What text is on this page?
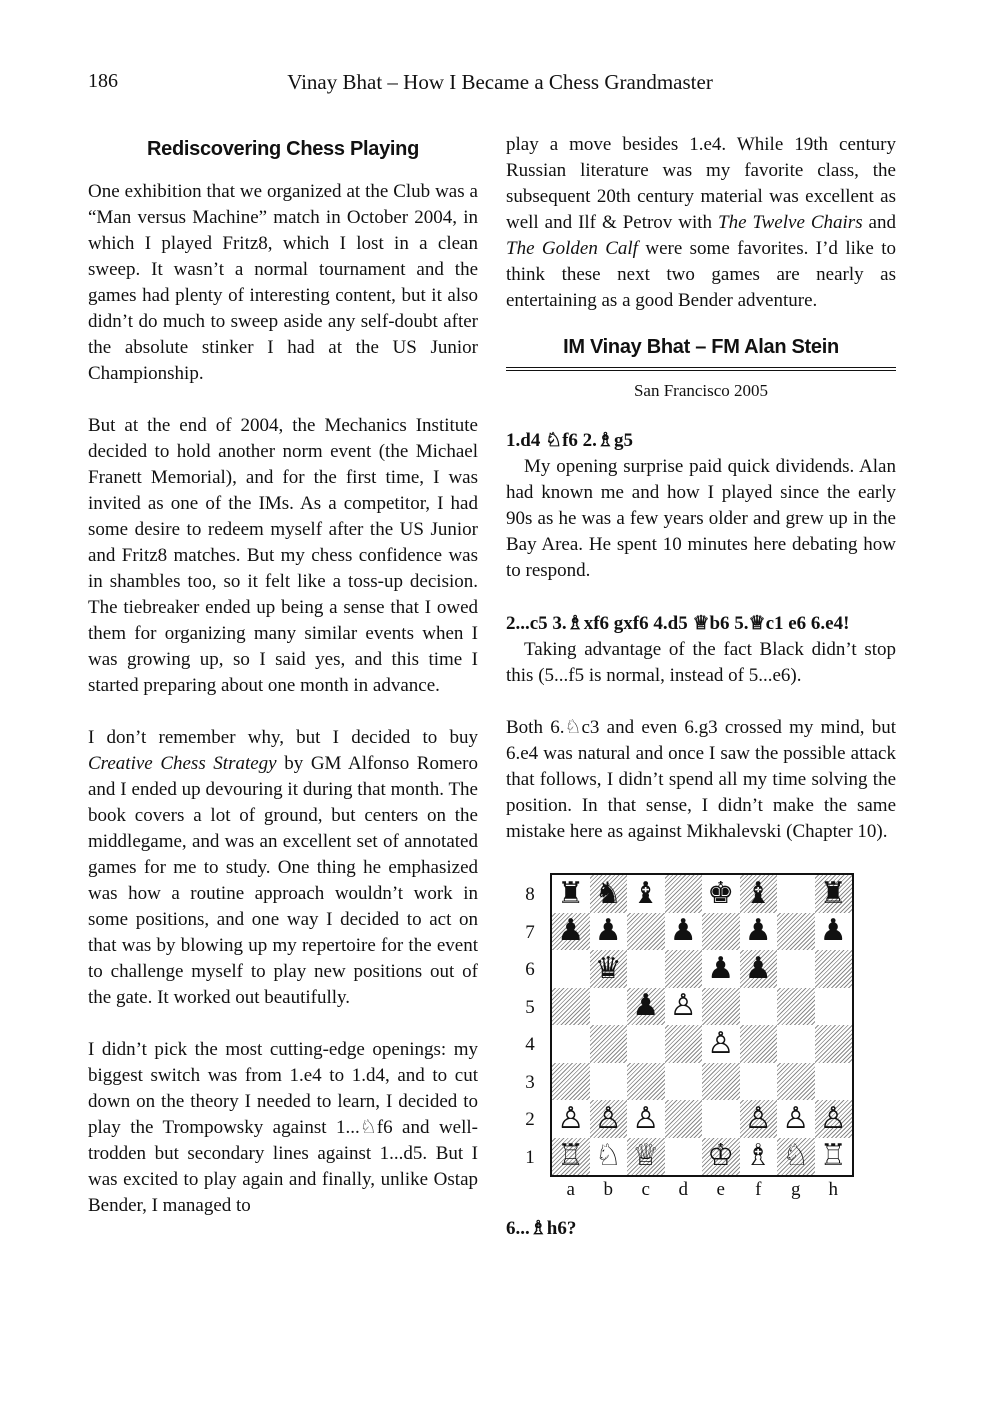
186	Vinay Bhat – How I Became a Chess Grandmaster
Rediscovering Chess Playing

One exhibition that we organized at the Club was a “Man versus Machine” match in October 2004, in which I played Fritz8, which I lost in a clean sweep. It wasn’t a normal tournament and the games had plenty of interesting content, but it also didn’t do much to sweep aside any self-doubt after the absolute stinker I had at the US Junior Championship.

But at the end of 2004, the Mechanics Institute decided to hold another norm event (the Michael Franett Memorial), and for the first time, I was invited as one of the IMs. As a competitor, I had some desire to redeem myself after the US Junior and Fritz8 matches. But my chess confidence was in shambles too, so it felt like a toss-up decision. The tiebreaker ended up being a sense that I owed them for organizing many similar events when I was growing up, so I said yes, and this time I started preparing about one month in advance.

I don’t remember why, but I decided to buy Creative Chess Strategy by GM Alfonso Romero and I ended up devouring it during that month. The book covers a lot of ground, but centers on the middlegame, and was an excellent set of annotated games for me to study. One thing he emphasized was how a routine approach wouldn’t work in some positions, and one way I decided to act on that was by blowing up my repertoire for the event to challenge myself to play new positions out of the gate. It worked out beautifully.

I didn’t pick the most cutting-edge openings: my biggest switch was from 1.e4 to 1.d4, and to cut down on the theory I needed to learn, I decided to play the Trompowsky against 1...♘f6 and well-trodden but secondary lines against 1...d5. But I was excited to play again and finally, unlike Ostap Bender, I managed to

play a move besides 1.e4. While 19th century Russian literature was my favorite class, the subsequent 20th century material was excellent as well and Ilf & Petrov with The Twelve Chairs and The Golden Calf were some favorites. I’d like to think these next two games are nearly as entertaining as a good Bender adventure.

IM Vinay Bhat – FM Alan Stein
San Francisco 2005
1.d4 ♘f6 2.♗g5

My opening surprise paid quick dividends. Alan had known me and how I played since the early 90s as he was a few years older and grew up in the Bay Area. He spent 10 minutes here debating how to respond.

2...c5 3.♗xf6 gxf6 4.d5 ♕b6 5.♕c1 e6 6.e4!

Taking advantage of the fact Black didn’t stop this (5...f5 is normal, instead of 5...e6).

Both 6.♘c3 and even 6.g3 crossed my mind, but 6.e4 was natural and once I saw the possible attack that follows, I didn’t spend all my time solving the position. In that sense, I didn’t make the same mistake here as against Mikhalevski (Chapter 10).

8
7
6
5
4
3
2
1
♜ ♞ ♝ ♚ ♝ ♜
♟ ♟ ♟ ♟ ♟
♛	♟ ♟
♟ ♙
♙
♙ ♙ ♙	♙ ♙ ♙
♖ ♘ ♕ ♔ ♗ ♘ ♖
a	b	c	d	e	f	g	h
6...♗h6?
